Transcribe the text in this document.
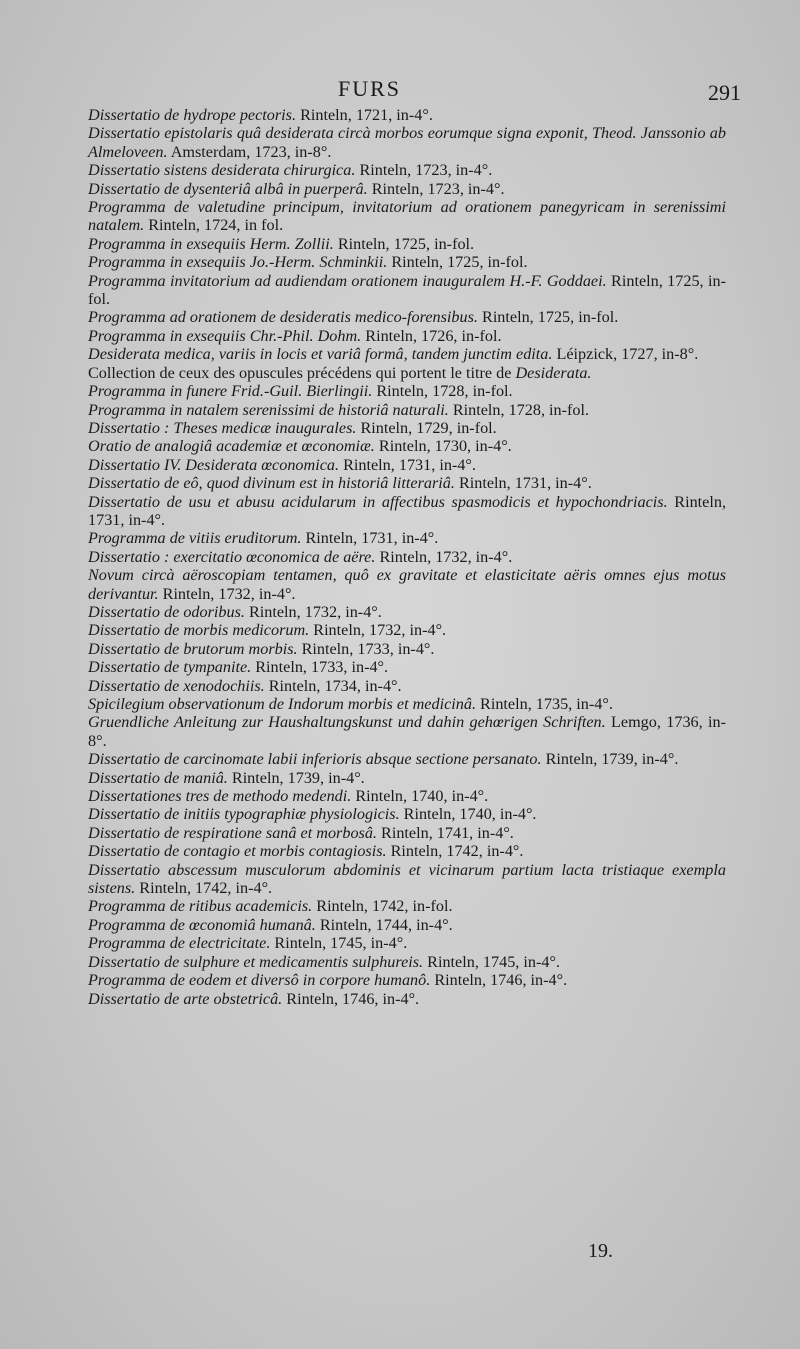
FURS	291

Dissertatio de hydrope pectoris. Rinteln, 1721, in-4°.

Dissertatio epistolaris quâ desiderata circà morbos eorumque signa exponit, Theod. Janssonio ab Almeloveen. Amsterdam, 1723, in-8°.

Dissertatio sistens desiderata chirurgica. Rinteln, 1723, in-4°.

Dissertatio de dysenteriâ albâ in puerperâ. Rinteln, 1723, in-4°.

Programma de valetudine principum, invitatorium ad orationem panegyricam in serenissimi natalem. Rinteln, 1724, in fol.

Programma in exsequiis Herm. Zollii. Rinteln, 1725, in-fol.

Programma in exsequiis Jo.-Herm. Schminkii. Rinteln, 1725, in-fol.

Programma invitatorium ad audiendam orationem inauguralem H.-F. Goddaei. Rinteln, 1725, in-fol.

Programma ad orationem de desideratis medico-forensibus. Rinteln, 1725, in-fol.

Programma in exsequiis Chr.-Phil. Dohm. Rinteln, 1726, in-fol.

Desiderata medica, variis in locis et variâ formâ, tandem junctim edita. Léipzick, 1727, in-8°.

Collection de ceux des opuscules précédens qui portent le titre de Desiderata.

Programma in funere Frid.-Guil. Bierlingii. Rinteln, 1728, in-fol.

Programma in natalem serenissimi de historiâ naturali. Rinteln, 1728, in-fol.

Dissertatio : Theses medicæ inaugurales. Rinteln, 1729, in-fol.

Oratio de analogiâ academiæ et œconomiæ. Rinteln, 1730, in-4°.

Dissertatio IV. Desiderata œconomica. Rinteln, 1731, in-4°.

Dissertatio de eô, quod divinum est in historiâ litterariâ. Rinteln, 1731, in-4°.

Dissertatio de usu et abusu acidularum in affectibus spasmodicis et hypochondriacis. Rinteln, 1731, in-4°.

Programma de vitiis eruditorum. Rinteln, 1731, in-4°.

Dissertatio : exercitatio œconomica de aëre. Rinteln, 1732, in-4°.

Novum circà aëroscopiam tentamen, quô ex gravitate et elasticitate aëris omnes ejus motus derivantur. Rinteln, 1732, in-4°.

Dissertatio de odoribus. Rinteln, 1732, in-4°.

Dissertatio de morbis medicorum. Rinteln, 1732, in-4°.

Dissertatio de brutorum morbis. Rinteln, 1733, in-4°.

Dissertatio de tympanite. Rinteln, 1733, in-4°.

Dissertatio de xenodochiis. Rinteln, 1734, in-4°.

Spicilegium observationum de Indorum morbis et medicinâ. Rinteln, 1735, in-4°.

Gruendliche Anleitung zur Haushaltungskunst und dahin gehœrigen Schriften. Lemgo, 1736, in-8°.

Dissertatio de carcinomate labii inferioris absque sectione persanato. Rinteln, 1739, in-4°.

Dissertatio de maniâ. Rinteln, 1739, in-4°.

Dissertationes tres de methodo medendi. Rinteln, 1740, in-4°.

Dissertatio de initiis typographiæ physiologicis. Rinteln, 1740, in-4°.

Dissertatio de respiratione sanâ et morbosâ. Rinteln, 1741, in-4°.

Dissertatio de contagio et morbis contagiosis. Rinteln, 1742, in-4°.

Dissertatio abscessum musculorum abdominis et vicinarum partium lacta tristiaque exempla sistens. Rinteln, 1742, in-4°.

Programma de ritibus academicis. Rinteln, 1742, in-fol.

Programma de œconomiâ humanâ. Rinteln, 1744, in-4°.

Programma de electricitate. Rinteln, 1745, in-4°.

Dissertatio de sulphure et medicamentis sulphureis. Rinteln, 1745, in-4°.

Programma de eodem et diversô in corpore humanô. Rinteln, 1746, in-4°.

Dissertatio de arte obstetricâ. Rinteln, 1746, in-4°.

19.
